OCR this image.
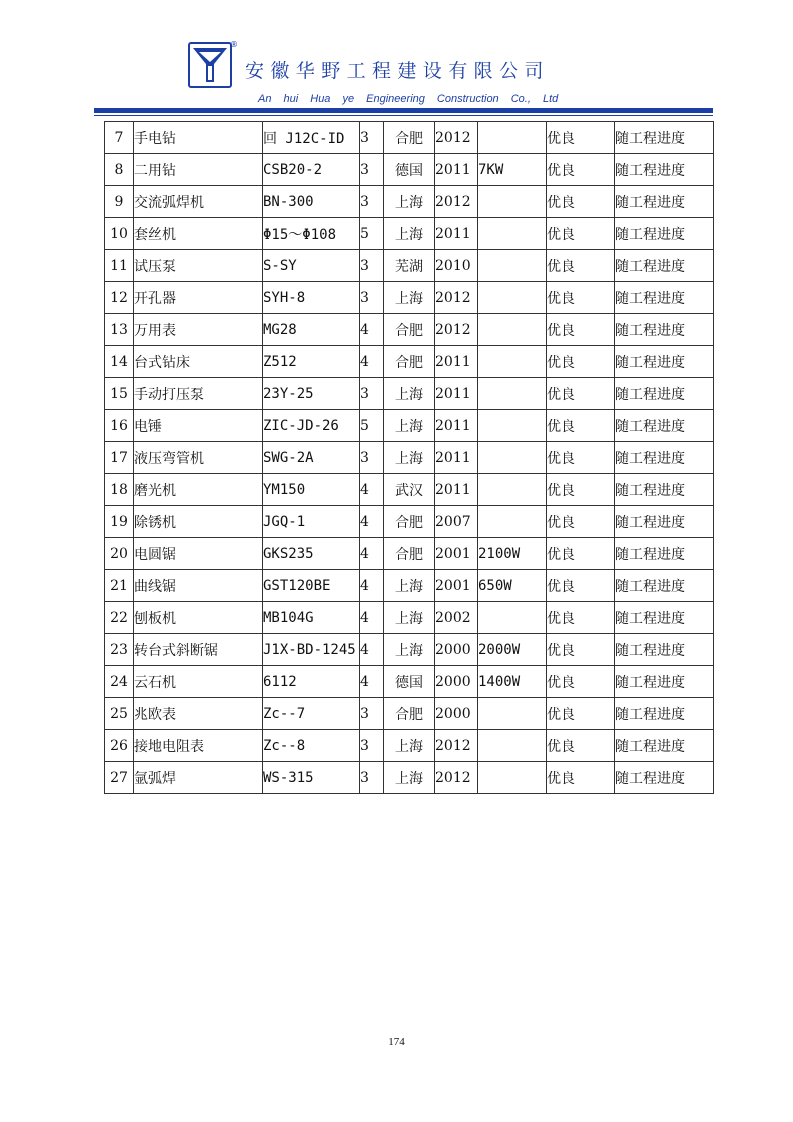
®
安徽华野工程建设有限公司
An hui Hua ye Engineering Construction Co., Ltd
7	手电钻	回 J12C-ID	3	合肥	2012		优良	随工程进度
8	二用钻	CSB20-2	3	德国	2011	7KW	优良	随工程进度
9	交流弧焊机	BN-300	3	上海	2012		优良	随工程进度
10	套丝机	Φ15～Φ108	5	上海	2011		优良	随工程进度
11	试压泵	S-SY	3	芜湖	2010		优良	随工程进度
12	开孔器	SYH-8	3	上海	2012		优良	随工程进度
13	万用表	MG28	4	合肥	2012		优良	随工程进度
14	台式钻床	Z512	4	合肥	2011		优良	随工程进度
15	手动打压泵	23Y-25	3	上海	2011		优良	随工程进度
16	电锤	ZIC-JD-26	5	上海	2011		优良	随工程进度
17	液压弯管机	SWG-2A	3	上海	2011		优良	随工程进度
18	磨光机	YM150	4	武汉	2011		优良	随工程进度
19	除锈机	JGQ-1	4	合肥	2007		优良	随工程进度
20	电圆锯	GKS235	4	合肥	2001	2100W	优良	随工程进度
21	曲线锯	GST120BE	4	上海	2001	650W	优良	随工程进度
22	刨板机	MB104G	4	上海	2002		优良	随工程进度
23	转台式斜断锯	J1X-BD-1245	4	上海	2000	2000W	优良	随工程进度
24	云石机	6112	4	德国	2000	1400W	优良	随工程进度
25	兆欧表	Zc--7	3	合肥	2000		优良	随工程进度
26	接地电阻表	Zc--8	3	上海	2012		优良	随工程进度
27	氩弧焊	WS-315	3	上海	2012		优良	随工程进度
174
